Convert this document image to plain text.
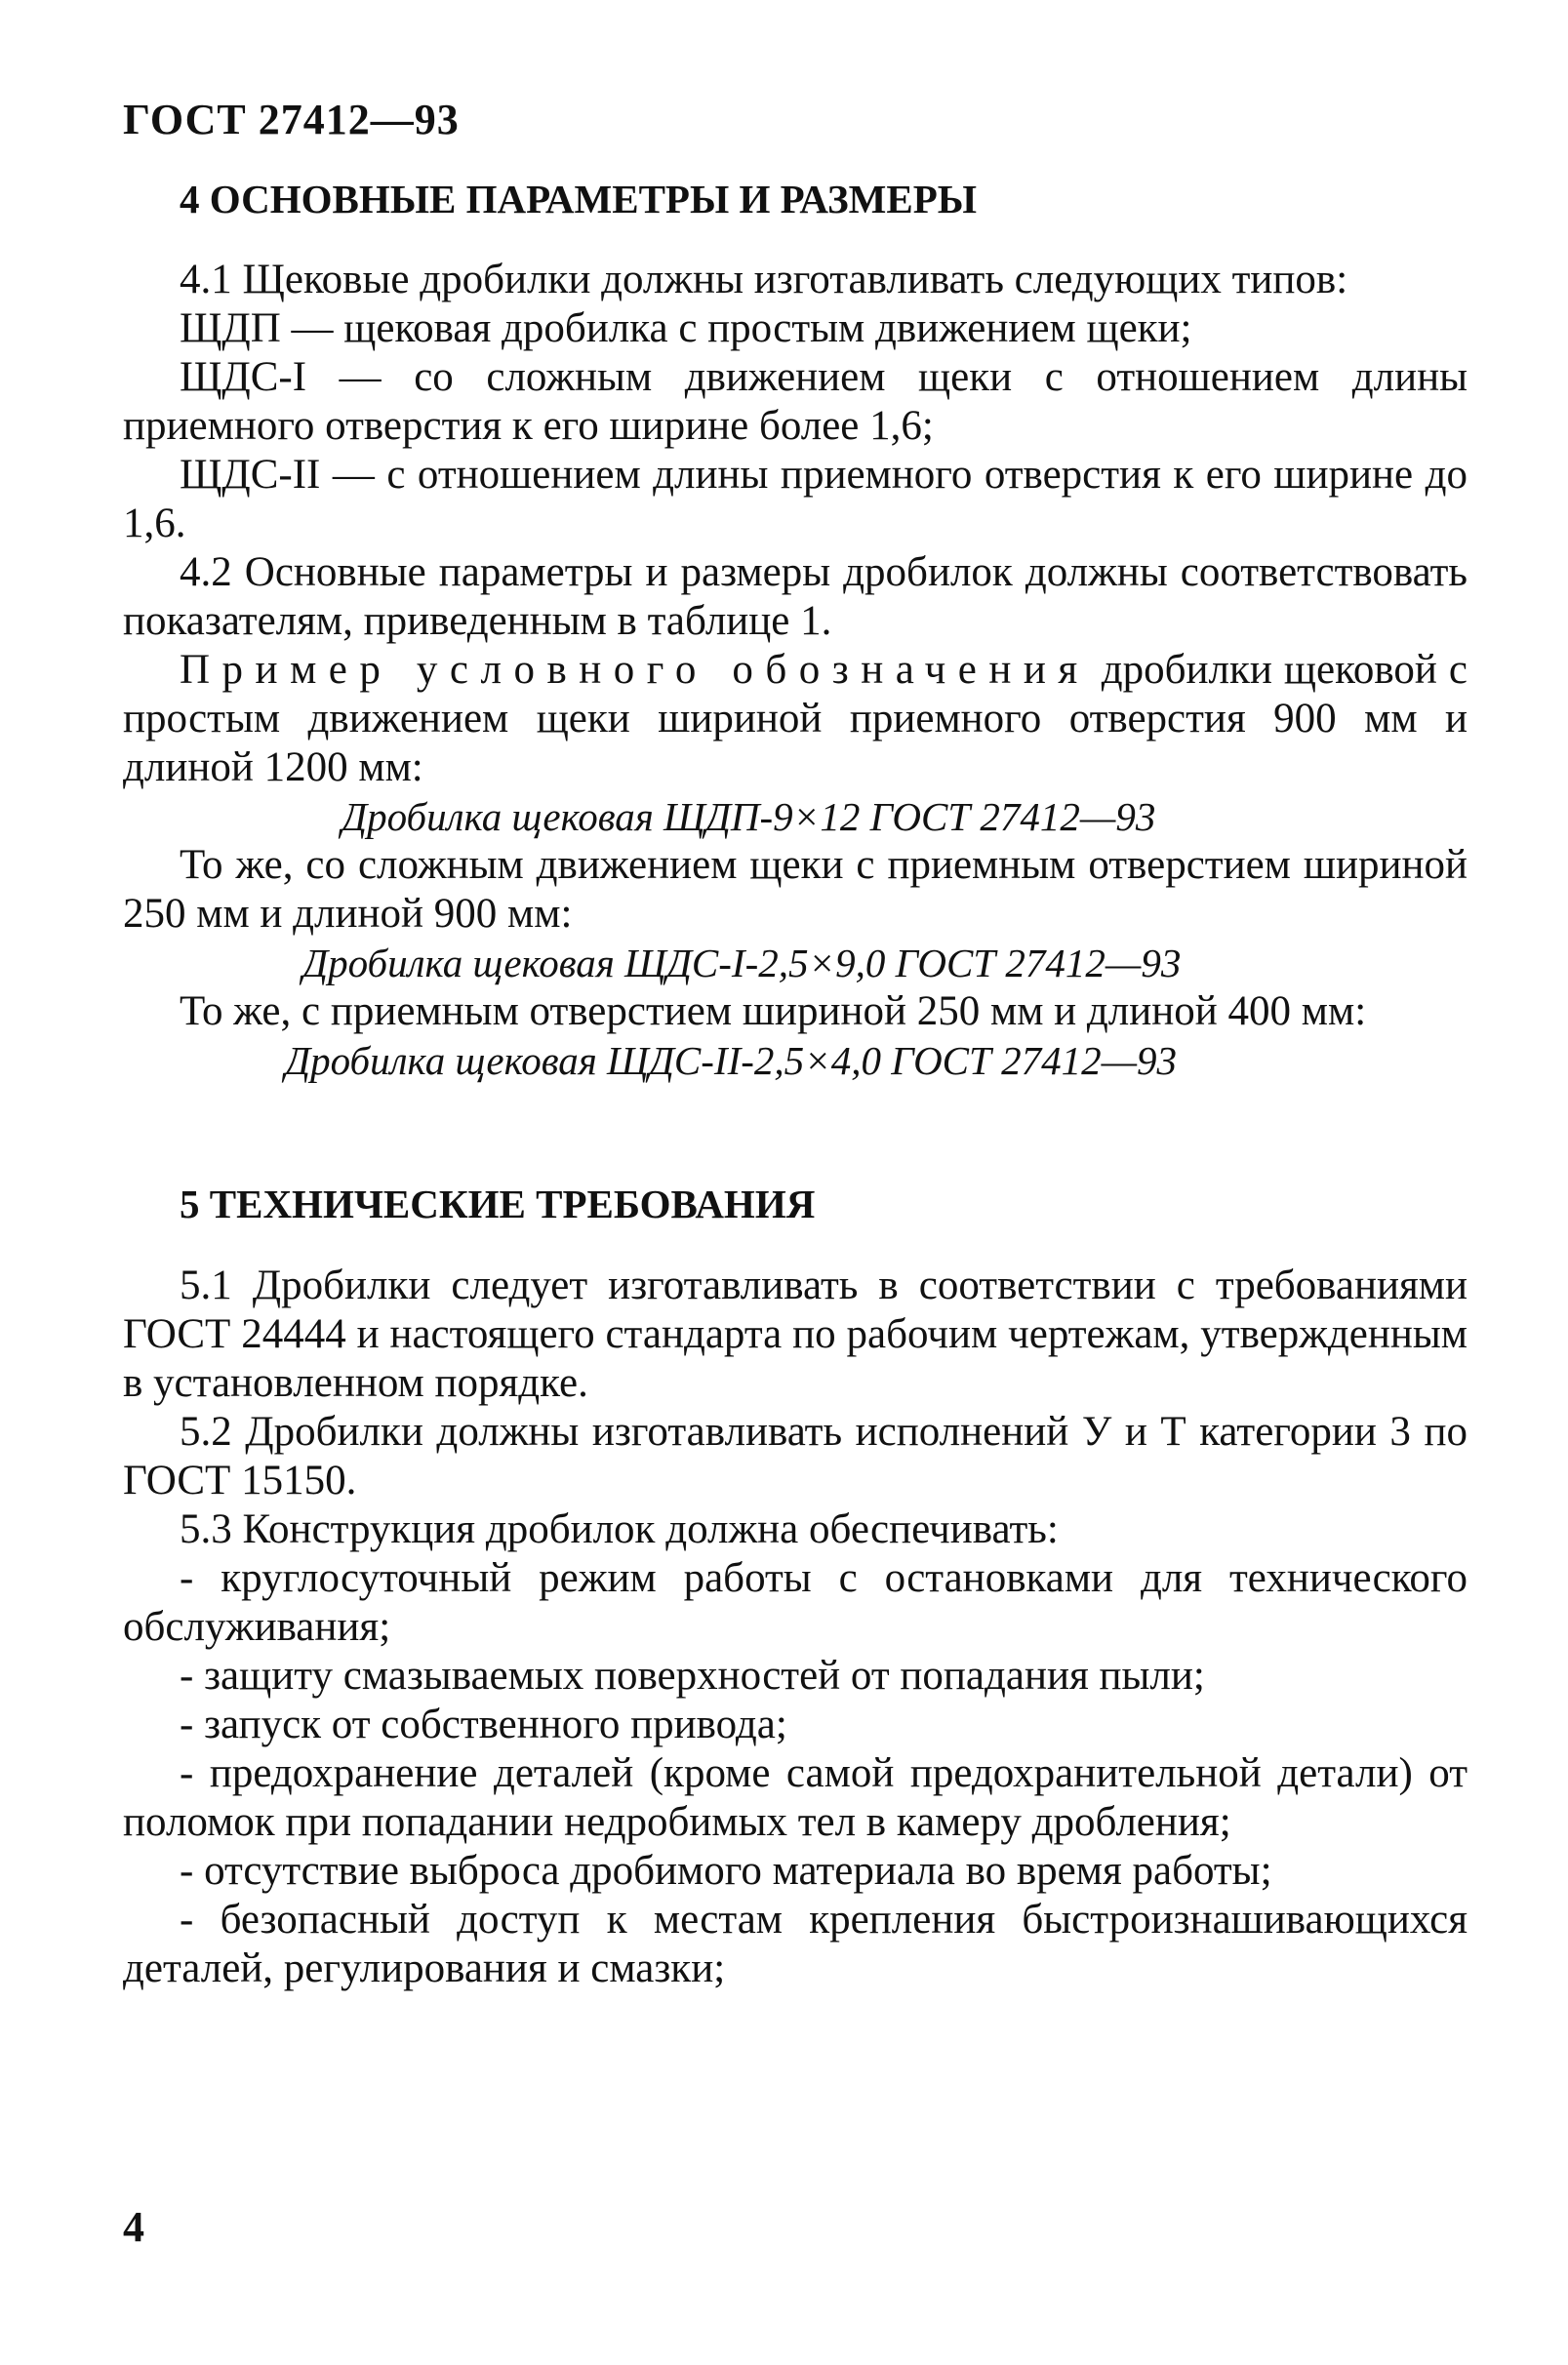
ГОСТ 27412—93
4 ОСНОВНЫЕ ПАРАМЕТРЫ И РАЗМЕРЫ

4.1 Щековые дробилки должны изготавливать следующих типов:

ЩДП — щековая дробилка с простым движением щеки;

ЩДС-I — со сложным движением щеки с отношением длины приемного отверстия к его ширине более 1,6;

ЩДС-II — с отношением длины приемного отверстия к его ширине до 1,6.

4.2 Основные параметры и размеры дробилок должны соответствовать показателям, приведенным в таблице 1.

Пример условного обозначения дробилки щековой с простым движением щеки шириной приемного отверстия 900 мм и длиной 1200 мм:

Дробилка щековая ЩДП-9×12 ГОСТ 27412—93

То же, со сложным движением щеки с приемным отверстием шириной 250 мм и длиной 900 мм:

Дробилка щековая ЩДС-I-2,5×9,0 ГОСТ 27412—93

То же, с приемным отверстием шириной 250 мм и длиной 400 мм:

Дробилка щековая ЩДС-II-2,5×4,0 ГОСТ 27412—93

5 ТЕХНИЧЕСКИЕ ТРЕБОВАНИЯ

5.1 Дробилки следует изготавливать в соответствии с требованиями ГОСТ 24444 и настоящего стандарта по рабочим чертежам, утвержденным в установленном порядке.

5.2 Дробилки должны изготавливать исполнений У и Т категории 3 по ГОСТ 15150.

5.3 Конструкция дробилок должна обеспечивать:

- круглосуточный режим работы с остановками для технического обслуживания;

- защиту смазываемых поверхностей от попадания пыли;

- запуск от собственного привода;

- предохранение деталей (кроме самой предохранительной детали) от поломок при попадании недробимых тел в камеру дробления;

- отсутствие выброса дробимого материала во время работы;

- безопасный доступ к местам крепления быстроизнашивающихся деталей, регулирования и смазки;

4
